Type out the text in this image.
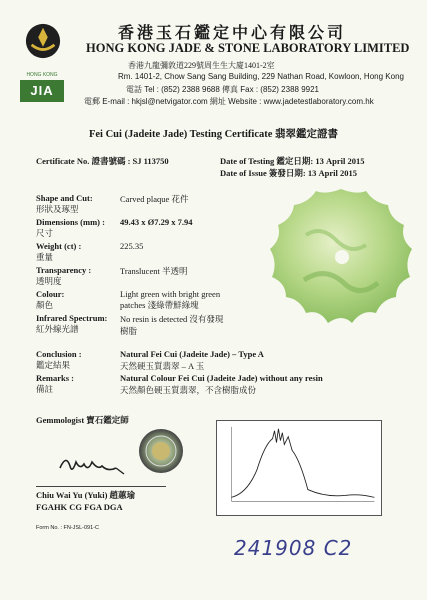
HONG KONG
JIA
香港玉石鑑定中心有限公司
HONG KONG JADE & STONE LABORATORY LIMITED
香港九龍彌敦道229號周生生大廈1401-2室
Rm. 1401-2, Chow Sang Sang Building, 229 Nathan Road, Kowloon, Hong Kong
電話 Tel : (852) 2388 9688 傳真 Fax : (852) 2388 9921
電郵 E-mail : hkjsl@netvigator.com 網址 Website : www.jadetestlaboratory.com.hk
Fei Cui (Jadeite Jade) Testing Certificate 翡翠鑑定證書
Certificate No. 證書號碼 : SJ 113750	Date of Testing 鑑定日期: 13 April 2015
Date of Issue 簽發日期: 13 April 2015
Shape and Cut:
形狀及琢型
Carved plaque 花件
Dimensions (mm) :
尺寸
49.43 x Ø7.29 x 7.94
Weight (ct) :
重量
225.35
Transparency :
透明度
Translucent 半透明
Colour:
顏色
Light green with bright green patches 淺綠帶鮮綠塊
Infrared Spectrum:
紅外線光譜
No resin is detected 沒有發現樹脂
Conclusion :
鑑定結果
Natural Fei Cui (Jadeite Jade) – Type A
天然硬玉質翡翠 – A 玉
Remarks :
備註
Natural Colour Fei Cui (Jadeite Jade) without any resin
天然顏色硬玉質翡翠，不含樹脂成份
Gemmologist 寶石鑑定師
Chiu Wai Yu (Yuki) 趙蕙瑜
FGAHK CG FGA DGA
Form No. : FN-JSL-091-C
241908 C2
